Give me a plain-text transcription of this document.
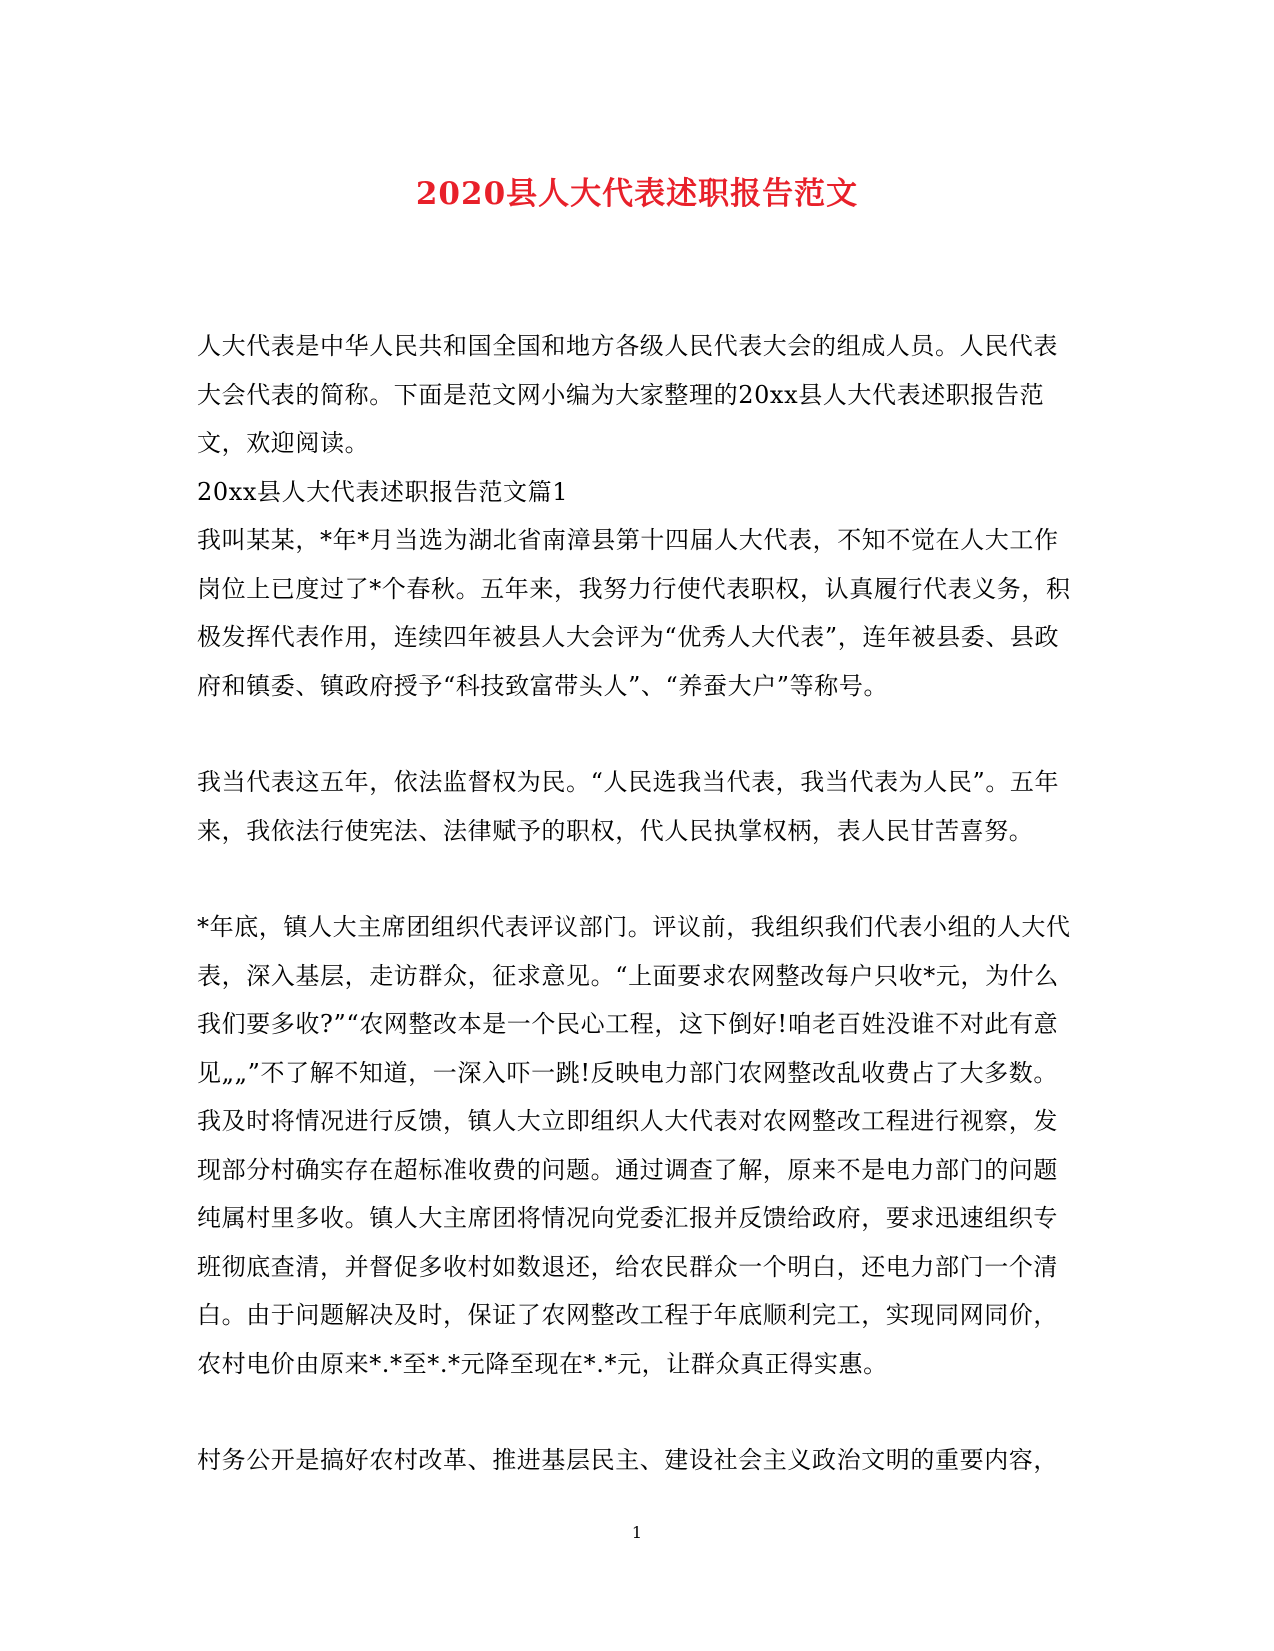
2020县人大代表述职报告范文

人大代表是中华人民共和国全国和地方各级人民代表大会的组成人员。人民代表大会代表的简称。下面是范文网小编为大家整理的20xx县人大代表述职报告范文，欢迎阅读。

20xx县人大代表述职报告范文篇1

我叫某某，*年*月当选为湖北省南漳县第十四届人大代表，不知不觉在人大工作岗位上已度过了*个春秋。五年来，我努力行使代表职权，认真履行代表义务，积极发挥代表作用，连续四年被县人大会评为“优秀人大代表”，连年被县委、县政府和镇委、镇政府授予“科技致富带头人”、“养蚕大户”等称号。

我当代表这五年，依法监督权为民。“人民选我当代表，我当代表为人民”。五年来，我依法行使宪法、法律赋予的职权，代人民执掌权柄，表人民甘苦喜努。

*年底，镇人大主席团组织代表评议部门。评议前，我组织我们代表小组的人大代表，深入基层，走访群众，征求意见。“上面要求农网整改每户只收*元，为什么我们要多收?”“农网整改本是一个民心工程，这下倒好!咱老百姓没谁不对此有意见„„”不了解不知道，一深入吓一跳!反映电力部门农网整改乱收费占了大多数。我及时将情况进行反馈，镇人大立即组织人大代表对农网整改工程进行视察，发现部分村确实存在超标准收费的问题。通过调查了解，原来不是电力部门的问题纯属村里多收。镇人大主席团将情况向党委汇报并反馈给政府，要求迅速组织专班彻底查清，并督促多收村如数退还，给农民群众一个明白，还电力部门一个清白。由于问题解决及时，保证了农网整改工程于年底顺利完工，实现同网同价，农村电价由原来*.*至*.*元降至现在*.*元，让群众真正得实惠。

村务公开是搞好农村改革、推进基层民主、建设社会主义政治文明的重要内容，

1
